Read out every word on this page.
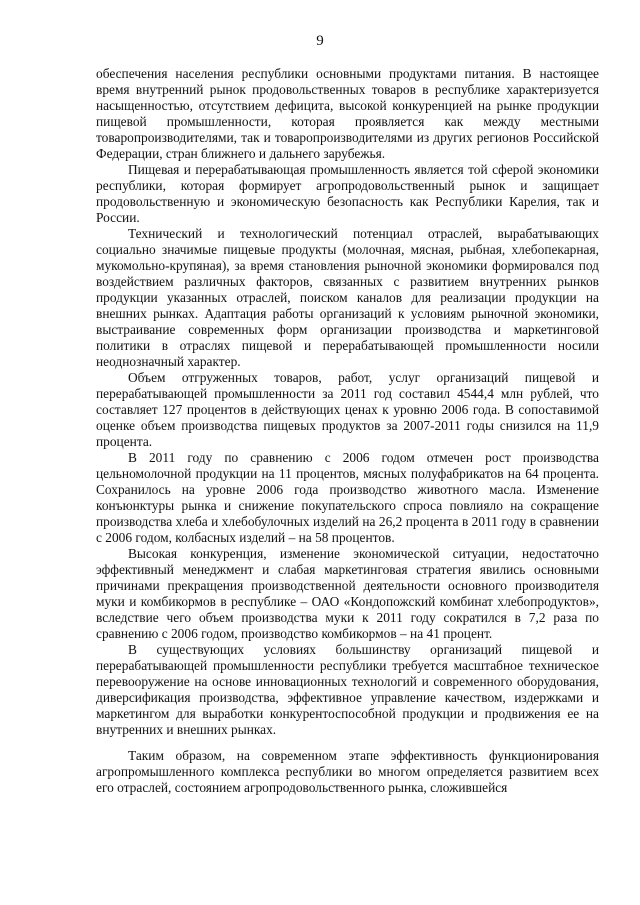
9

обеспечения населения республики основными продуктами питания. В настоящее время внутренний рынок продовольственных товаров в республике характеризуется насыщенностью, отсутствием дефицита, высокой конкуренцией на рынке продукции пищевой промышленности, которая проявляется как между местными товаропроизводителями, так и товаропроизводителями из других регионов Российской Федерации, стран ближнего и дальнего зарубежья.

Пищевая и перерабатывающая промышленность является той сферой экономики республики, которая формирует агропродовольственный рынок и защищает продовольственную и экономическую безопасность как Республики Карелия, так и России.

Технический и технологический потенциал отраслей, вырабатывающих социально значимые пищевые продукты (молочная, мясная, рыбная, хлебопекарная, мукомольно-крупяная), за время становления рыночной экономики формировался под воздействием различных факторов, связанных с развитием внутренних рынков продукции указанных отраслей, поиском каналов для реализации продукции на внешних рынках. Адаптация работы организаций к условиям рыночной экономики, выстраивание современных форм организации производства и маркетинговой политики в отраслях пищевой и перерабатывающей промышленности носили неоднозначный характер.

Объем отгруженных товаров, работ, услуг организаций пищевой и перерабатывающей промышленности за 2011 год составил 4544,4 млн рублей, что составляет 127 процентов в действующих ценах к уровню 2006 года. В сопоставимой оценке объем производства пищевых продуктов за 2007-2011 годы снизился на 11,9 процента.

В 2011 году по сравнению с 2006 годом отмечен рост производства цельномолочной продукции на 11 процентов, мясных полуфабрикатов на 64 процента. Сохранилось на уровне 2006 года производство животного масла. Изменение конъюнктуры рынка и снижение покупательского спроса повлияло на сокращение производства хлеба и хлебобулочных изделий на 26,2 процента в 2011 году в сравнении с 2006 годом, колбасных изделий – на 58 процентов.

Высокая конкуренция, изменение экономической ситуации, недостаточно эффективный менеджмент и слабая маркетинговая стратегия явились основными причинами прекращения производственной деятельности основного производителя муки и комбикормов в республике – ОАО «Кондопожский комбинат хлебопродуктов», вследствие чего объем производства муки к 2011 году сократился в 7,2 раза по сравнению с 2006 годом, производство комбикормов – на 41 процент.

В существующих условиях большинству организаций пищевой и перерабатывающей промышленности республики требуется масштабное техническое перевооружение на основе инновационных технологий и современного оборудования, диверсификация производства, эффективное управление качеством, издержками и маркетингом для выработки конкурентоспособной продукции и продвижения ее на внутренних и внешних рынках.

Таким образом, на современном этапе эффективность функционирования агропромышленного комплекса республики во многом определяется развитием всех его отраслей, состоянием агропродовольственного рынка, сложившейся
